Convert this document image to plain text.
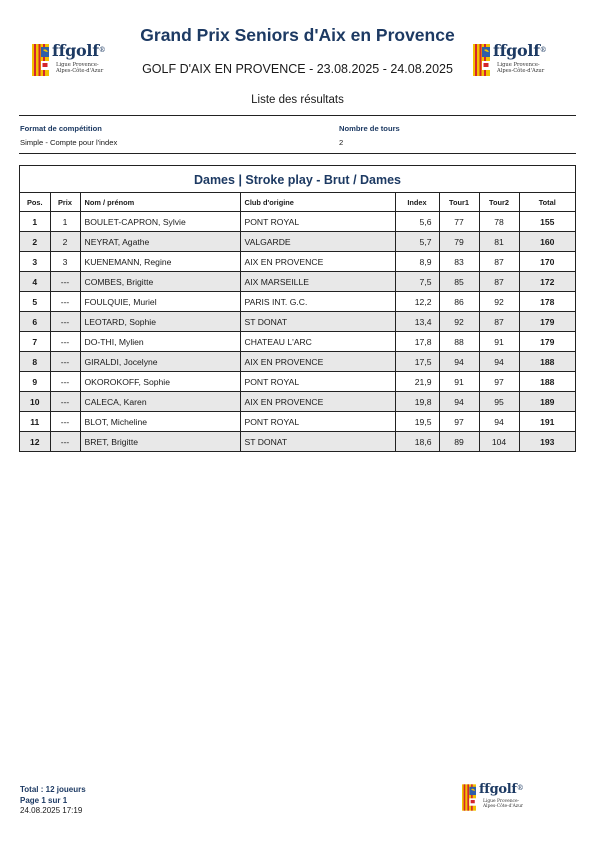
ffgolf®
Ligue Provence-
Alpes-Côte-d'Azur
ffgolf®
Ligue Provence-
Alpes-Côte-d'Azur
Grand Prix Seniors d'Aix en Provence
GOLF D'AIX EN PROVENCE - 23.08.2025 - 24.08.2025
Liste des résultats
Format de compétition
Simple - Compte pour l'index
Nombre de tours
2
Dames | Stroke play - Brut / Dames
Pos.	Prix	Nom / prénom	Club d'origine	Index	Tour1	Tour2	Total
1	1	BOULET-CAPRON, Sylvie	PONT ROYAL	5,6	77	78	155
2	2	NEYRAT, Agathe	VALGARDE	5,7	79	81	160
3	3	KUENEMANN, Regine	AIX EN PROVENCE	8,9	83	87	170
4	---	COMBES, Brigitte	AIX MARSEILLE	7,5	85	87	172
5	---	FOULQUIE, Muriel	PARIS INT. G.C.	12,2	86	92	178
6	---	LEOTARD, Sophie	ST DONAT	13,4	92	87	179
7	---	DO-THI, Mylien	CHATEAU L'ARC	17,8	88	91	179
8	---	GIRALDI, Jocelyne	AIX EN PROVENCE	17,5	94	94	188
9	---	OKOROKOFF, Sophie	PONT ROYAL	21,9	91	97	188
10	---	CALECA, Karen	AIX EN PROVENCE	19,8	94	95	189
11	---	BLOT, Micheline	PONT ROYAL	19,5	97	94	191
12	---	BRET, Brigitte	ST DONAT	18,6	89	104	193
Total : 12 joueurs
Page 1 sur 1
24.08.2025 17:19
ffgolf®
Ligue Provence-
Alpes-Côte-d'Azur
